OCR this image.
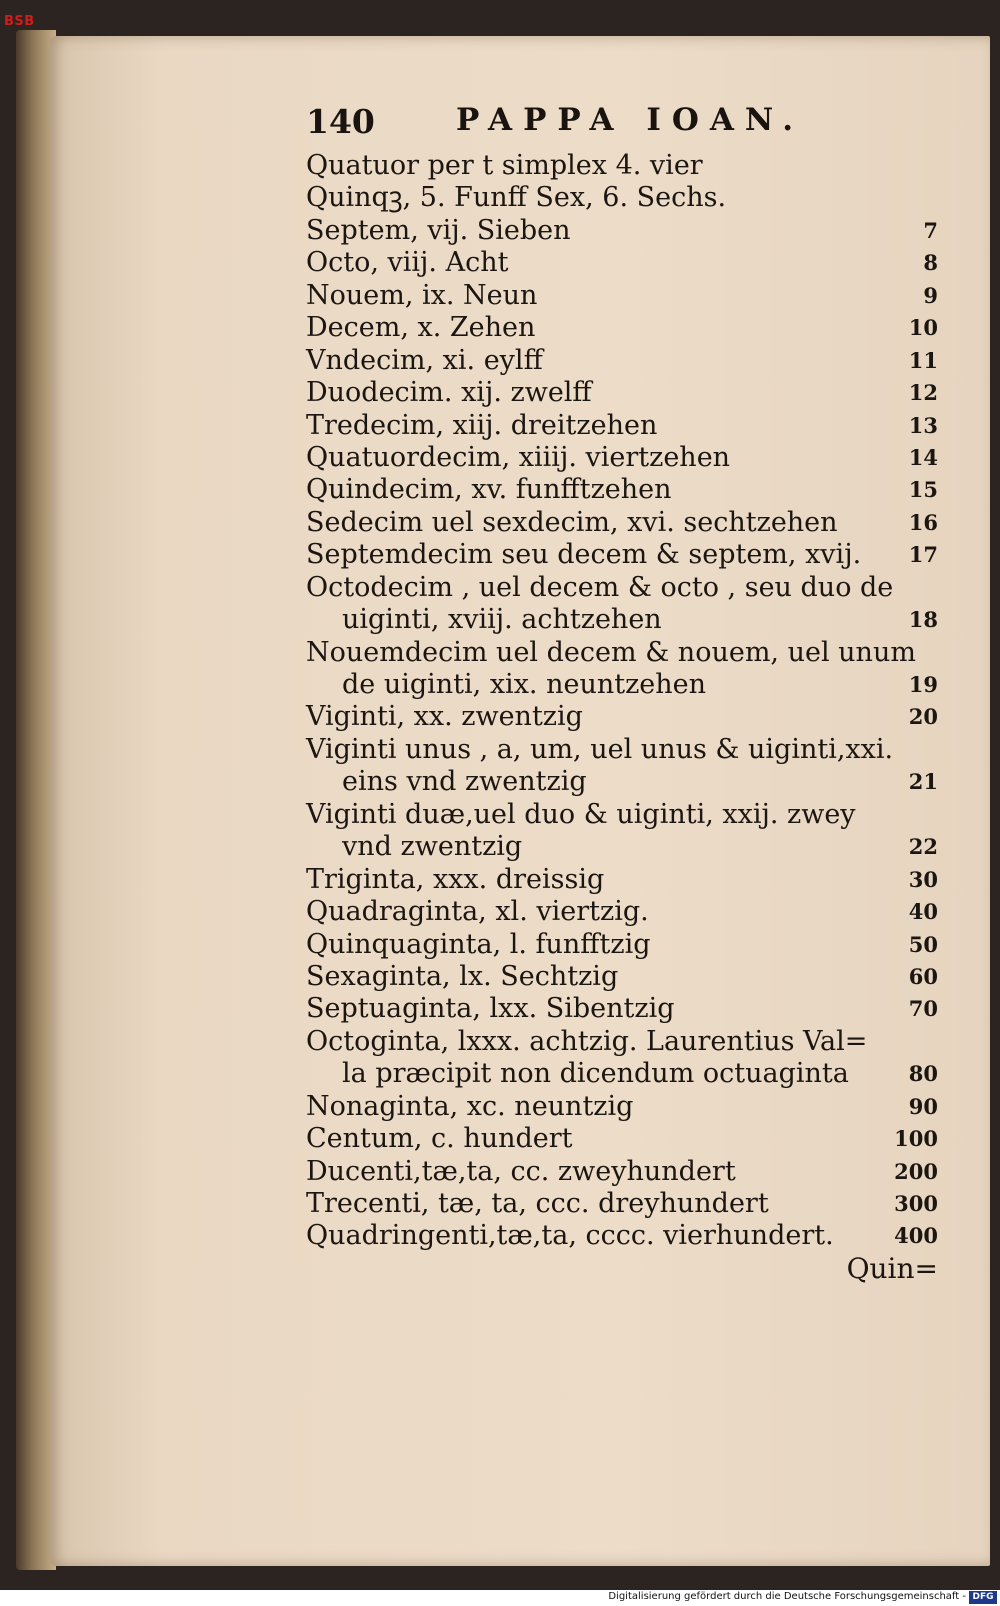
BSB
140	PAPPA IOAN.
Quatuor per t simplex 4. vier
Quinqꝫ, 5. Funff Sex, 6. Sechs.
Septem, vij. Sieben	7
Octo, viij. Acht	8
Nouem, ix. Neun	9
Decem, x. Zehen	10
Vndecim, xi. eylff	11
Duodecim. xij. zwelff	12
Tredecim, xiij. dreitzehen	13
Quatuordecim, xiiij. viertzehen	14
Quindecim, xv. funfftzehen	15
Sedecim uel sexdecim, xvi. sechtzehen	16
Septemdecim seu decem & septem, xvij. 17
Octodecim , uel decem & octo , seu duo de
uiginti, xviij. achtzehen	18
Nouemdecim uel decem & nouem, uel unum
de uiginti, xix. neuntzehen	19
Viginti, xx. zwentzig	20
Viginti unus , a, um, uel unus & uiginti,xxi.
eins vnd zwentzig	21
Viginti duæ,uel duo & uiginti, xxij. zwey
vnd zwentzig	22
Triginta, xxx. dreissig	30
Quadraginta, xl. viertzig.	40
Quinquaginta, l. funfftzig	50
Sexaginta, lx. Sechtzig	60
Septuaginta, lxx. Sibentzig	70
Octoginta, lxxx. achtzig. Laurentius Val=
la præcipit non dicendum octuaginta	80
Nonaginta, xc. neuntzig	90
Centum, c. hundert	100
Ducenti,tæ,ta, cc. zweyhundert	200
Trecenti, tæ, ta, ccc. dreyhundert	300
Quadringenti,tæ,ta, cccc. vierhundert.	400
Quin=
Digitalisierung gefördert durch die Deutsche Forschungsgemeinschaft - DFG
